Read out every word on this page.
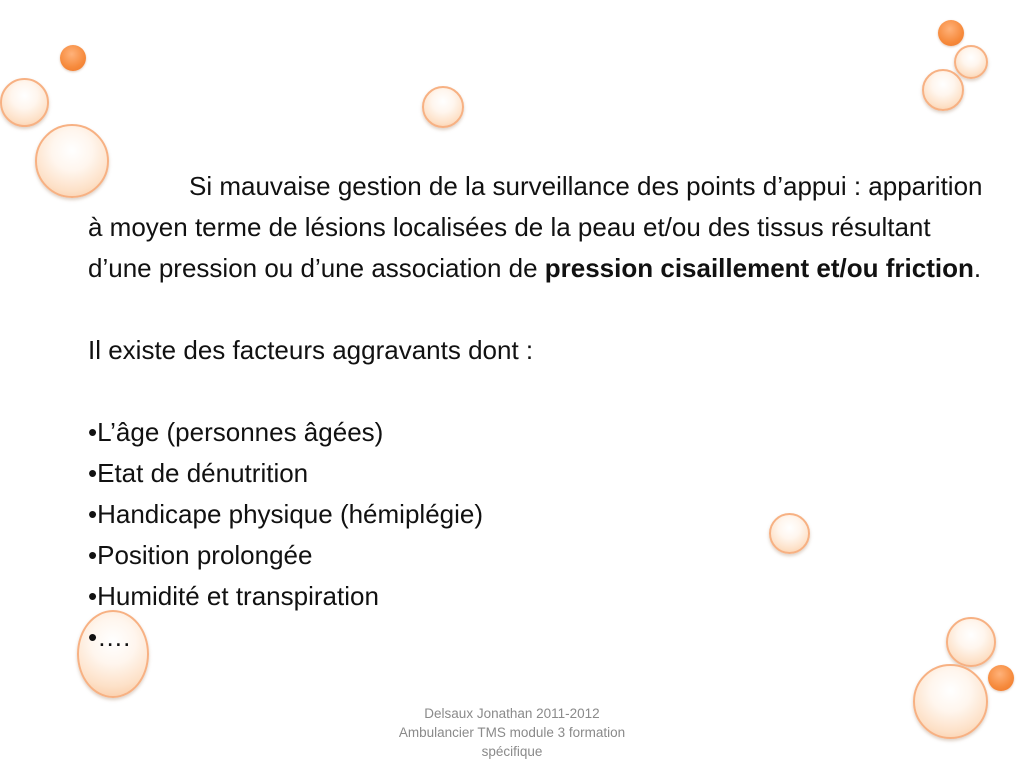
Si mauvaise gestion de la surveillance des points d’appui : apparition à moyen terme de lésions localisées de la peau et/ou des tissus résultant d’une pression ou d’une association de pression cisaillement et/ou friction.

Il existe des facteurs aggravants dont :

•L’âge (personnes âgées)

•Etat de dénutrition

•Handicape physique (hémiplégie)

•Position prolongée

•Humidité et transpiration

•….

Delsaux Jonathan 2011-2012
Ambulancier TMS module 3 formation
spécifique
